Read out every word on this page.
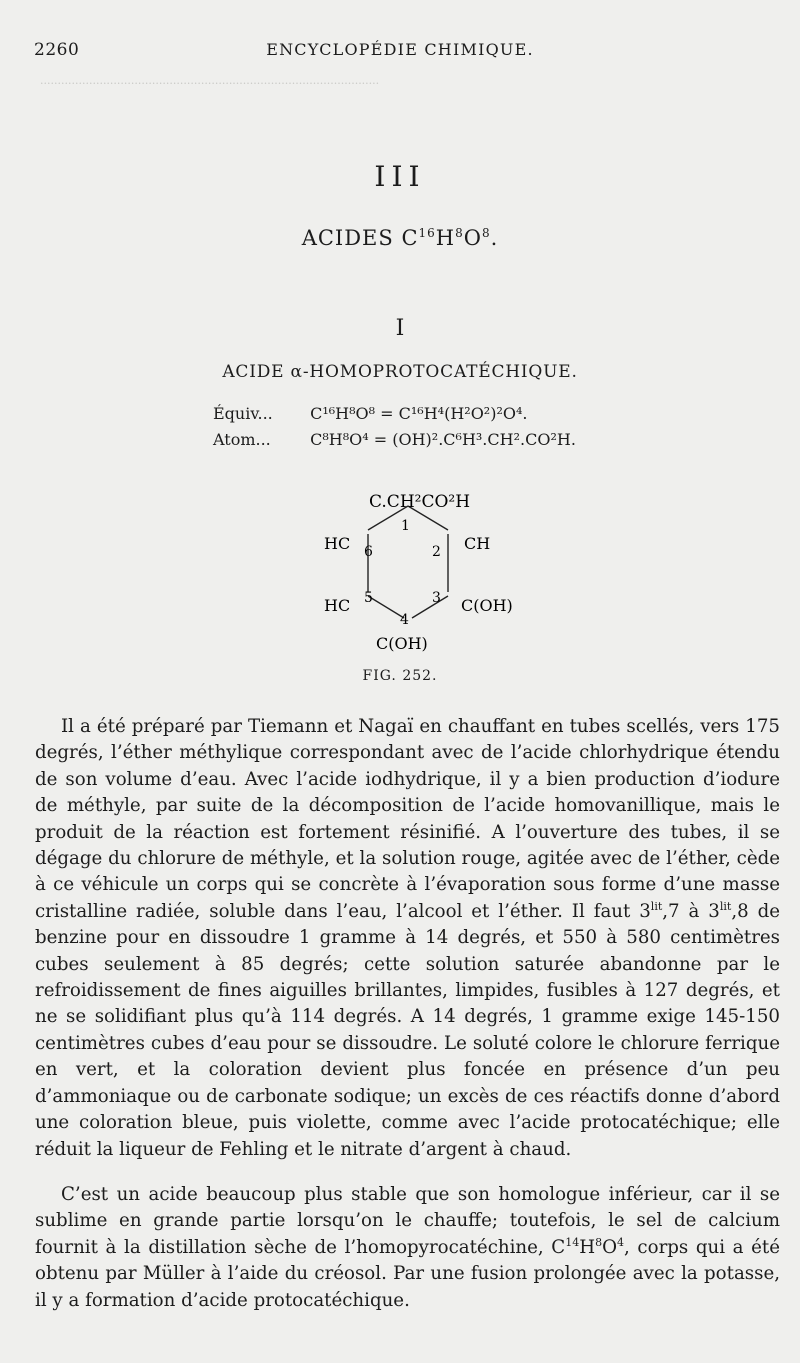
.................................................................................................
2260	ENCYCLOPÉDIE CHIMIQUE.
III
ACIDES $C^{16}H^8O^8$.
I
ACIDE α-HOMOPROTOCATÉCHIQUE.
Équiv... C¹⁶H⁸O⁸ = C¹⁶H⁴(H²O²)²O⁴.
Atom... C⁸H⁸O⁴ = (OH)².C⁶H³.CH².CO²H.
C.CH²CO²H
HC
HC
CH
C(OH)
C(OH)
1
2
3
4
5
6
FIG. 252.

Il a été préparé par Tiemann et Nagaï en chauffant en tubes scellés, vers 175 degrés, l’éther méthylique correspondant avec de l’acide chlorhydrique étendu de son volume d’eau. Avec l’acide iodhydrique, il y a bien production d’iodure de méthyle, par suite de la décomposition de l’acide homovanillique, mais le produit de la réaction est fortement résinifié. A l’ouverture des tubes, il se dégage du chlorure de méthyle, et la solution rouge, agitée avec de l’éther, cède à ce véhicule un corps qui se concrète à l’évaporation sous forme d’une masse cristalline radiée, soluble dans l’eau, l’alcool et l’éther. Il faut $3^{lit},7$ à $3^{lit},8$ de benzine pour en dissoudre 1 gramme à 14 degrés, et 550 à 580 centimètres cubes seulement à 85 degrés; cette solution saturée abandonne par le refroidissement de fines aiguilles brillantes, limpides, fusibles à 127 degrés, et ne se solidifiant plus qu’à 114 degrés. A 14 degrés, 1 gramme exige 145-150 centimètres cubes d’eau pour se dissoudre. Le soluté colore le chlorure ferrique en vert, et la coloration devient plus foncée en présence d’un peu d’ammoniaque ou de carbonate sodique; un excès de ces réactifs donne d’abord une coloration bleue, puis violette, comme avec l’acide protocatéchique; elle réduit la liqueur de Fehling et le nitrate d’argent à chaud.

C’est un acide beaucoup plus stable que son homologue inférieur, car il se sublime en grande partie lorsqu’on le chauffe; toutefois, le sel de calcium fournit à la distillation sèche de l’homopyrocatéchine, $C^{14}H^8O^4$, corps qui a été obtenu par Müller à l’aide du créosol. Par une fusion prolongée avec la potasse, il y a formation d’acide protocatéchique.
